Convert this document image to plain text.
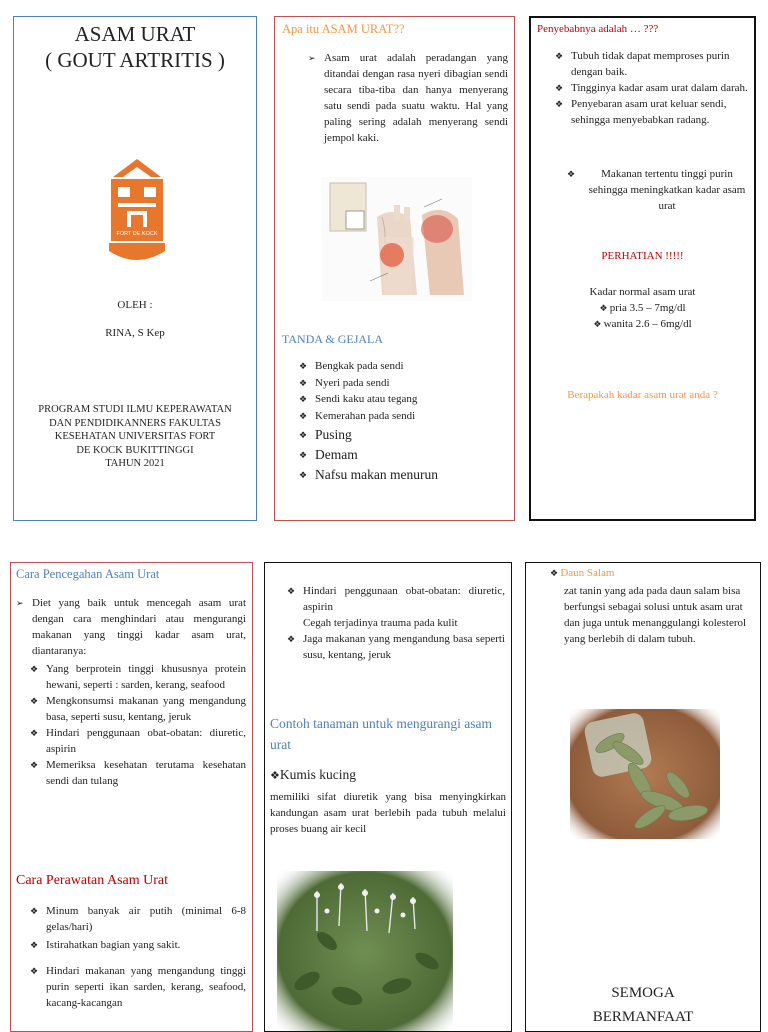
ASAM URAT
( GOUT ARTRITIS )
FORT DE KOCK
OLEH :
RINA, S Kep
PROGRAM STUDI ILMU KEPERAWATAN
DAN PENDIDIKANNERS FAKULTAS
KESEHATAN UNIVERSITAS FORT
DE KOCK BUKITTINGGI
TAHUN 2021
Apa itu ASAM URAT??
➢ Asam urat adalah peradangan yang ditandai dengan rasa nyeri dibagian sendi secara tiba-tiba dan hanya menyerang satu sendi pada suatu waktu. Hal yang paling sering adalah menyerang sendi jempol kaki.
TANDA & GEJALA
❖ Bengkak pada sendi
❖ Nyeri pada sendi
❖ Sendi kaku atau tegang
❖ Kemerahan pada sendi
❖ Pusing
❖ Demam
❖ Nafsu makan menurun
Penyebabnya adalah … ???
❖ Tubuh tidak dapat memproses purin dengan baik.
❖ Tingginya kadar asam urat dalam darah.
❖ Penyebaran asam urat keluar sendi, sehingga menyebabkan radang.
❖ Makanan tertentu tinggi purin sehingga meningkatkan kadar asam urat
PERHATIAN !!!!!
Kadar normal asam urat
❖ pria 3.5 – 7mg/dl
❖ wanita 2.6 – 6mg/dl
Berapakah kadar asam urat anda ?
Cara Pencegahan Asam Urat
➢ Diet yang baik untuk mencegah asam urat dengan cara menghindari atau mengurangi makanan yang tinggi kadar asam urat, diantaranya:
❖ Yang berprotein tinggi khususnya protein hewani, seperti : sarden, kerang, seafood
❖ Mengkonsumsi makanan yang mengandung basa, seperti susu, kentang, jeruk
❖ Hindari penggunaan obat-obatan: diuretic, aspirin
❖ Memeriksa kesehatan terutama kesehatan sendi dan tulang
Cara Perawatan Asam Urat
❖ Minum banyak air putih (minimal 6-8 gelas/hari)
❖ Istirahatkan bagian yang sakit.
❖ Hindari makanan yang mengandung tinggi purin seperti ikan sarden, kerang, seafood, kacang-kacangan
❖ Hindari penggunaan obat-obatan: diuretic, aspirin
Cegah terjadinya trauma pada kulit
❖ Jaga makanan yang mengandung basa seperti susu, kentang, jeruk
Contoh tanaman untuk mengurangi asam urat
❖Kumis kucing
memiliki sifat diuretik yang bisa menyingkirkan kandungan asam urat berlebih pada tubuh melalui proses buang air kecil
❖ Daun Salam
zat tanin yang ada pada daun salam bisa berfungsi sebagai solusi untuk asam urat dan juga untuk menanggulangi kolesterol yang berlebih di dalam tubuh.
SEMOGA
BERMANFAAT
